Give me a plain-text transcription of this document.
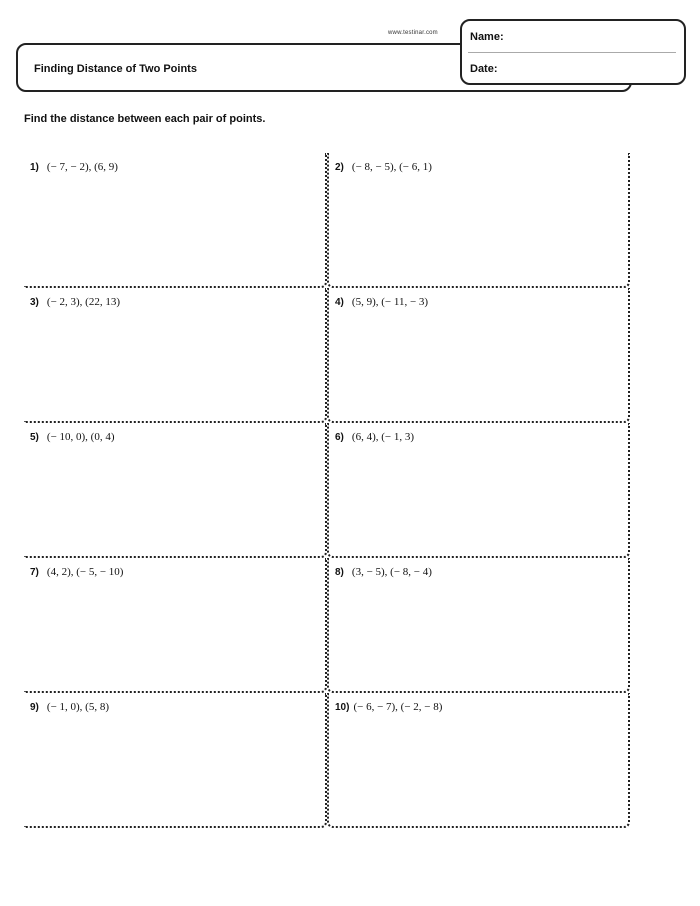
www.testinar.com
Finding Distance of Two Points
Name:
Date:
Find the distance between each pair of points.
1) (− 7, − 2), (6, 9)	2) (− 8, − 5), (− 6, 1)
3) (− 2, 3), (22, 13)	4) (5, 9), (− 11, − 3)
5) (− 10, 0), (0, 4)	6) (6, 4), (− 1, 3)
7) (4, 2), (− 5, − 10)	8) (3, − 5), (− 8, − 4)
9) (− 1, 0), (5, 8)	10) (− 6, − 7), (− 2, − 8)
